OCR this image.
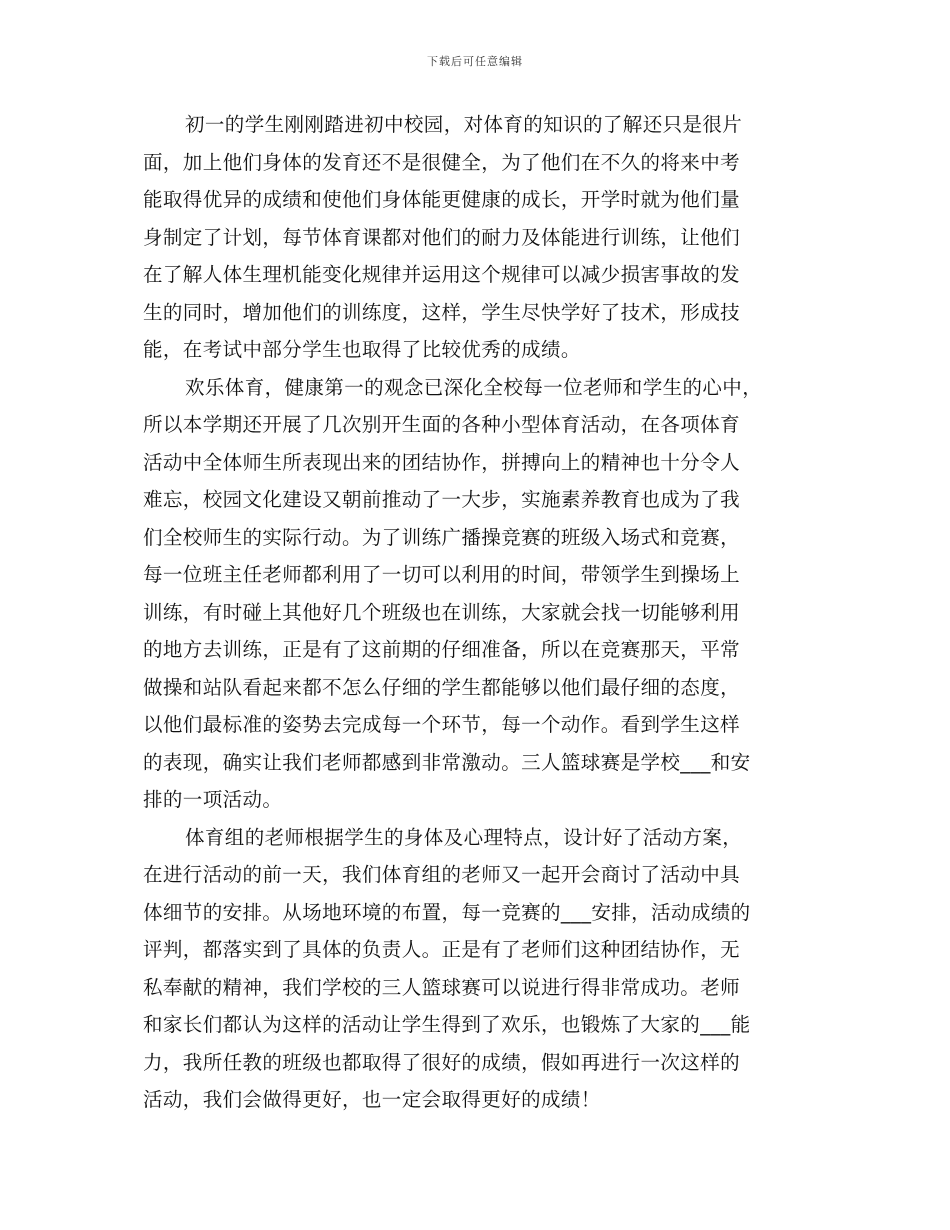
下载后可任意编辑
初一的学生刚刚踏进初中校园，对体育的知识的了解还只是很片
面，加上他们身体的发育还不是很健全，为了他们在不久的将来中考
能取得优异的成绩和使他们身体能更健康的成长，开学时就为他们量
身制定了计划，每节体育课都对他们的耐力及体能进行训练，让他们
在了解人体生理机能变化规律并运用这个规律可以减少损害事故的发
生的同时，增加他们的训练度，这样，学生尽快学好了技术，形成技
能，在考试中部分学生也取得了比较优秀的成绩。
欢乐体育，健康第一的观念已深化全校每一位老师和学生的心中，
所以本学期还开展了几次别开生面的各种小型体育活动，在各项体育
活动中全体师生所表现出来的团结协作，拼搏向上的精神也十分令人
难忘，校园文化建设又朝前推动了一大步，实施素养教育也成为了我
们全校师生的实际行动。为了训练广播操竞赛的班级入场式和竞赛，
每一位班主任老师都利用了一切可以利用的时间，带领学生到操场上
训练，有时碰上其他好几个班级也在训练，大家就会找一切能够利用
的地方去训练，正是有了这前期的仔细准备，所以在竞赛那天，平常
做操和站队看起来都不怎么仔细的学生都能够以他们最仔细的态度，
以他们最标准的姿势去完成每一个环节，每一个动作。看到学生这样
的表现，确实让我们老师都感到非常激动。三人篮球赛是学校___和安
排的一项活动。
体育组的老师根据学生的身体及心理特点，设计好了活动方案，
在进行活动的前一天，我们体育组的老师又一起开会商讨了活动中具
体细节的安排。从场地环境的布置，每一竞赛的___安排，活动成绩的
评判，都落实到了具体的负责人。正是有了老师们这种团结协作，无
私奉献的精神，我们学校的三人篮球赛可以说进行得非常成功。老师
和家长们都认为这样的活动让学生得到了欢乐，也锻炼了大家的___能
力，我所任教的班级也都取得了很好的成绩，假如再进行一次这样的
活动，我们会做得更好，也一定会取得更好的成绩！
